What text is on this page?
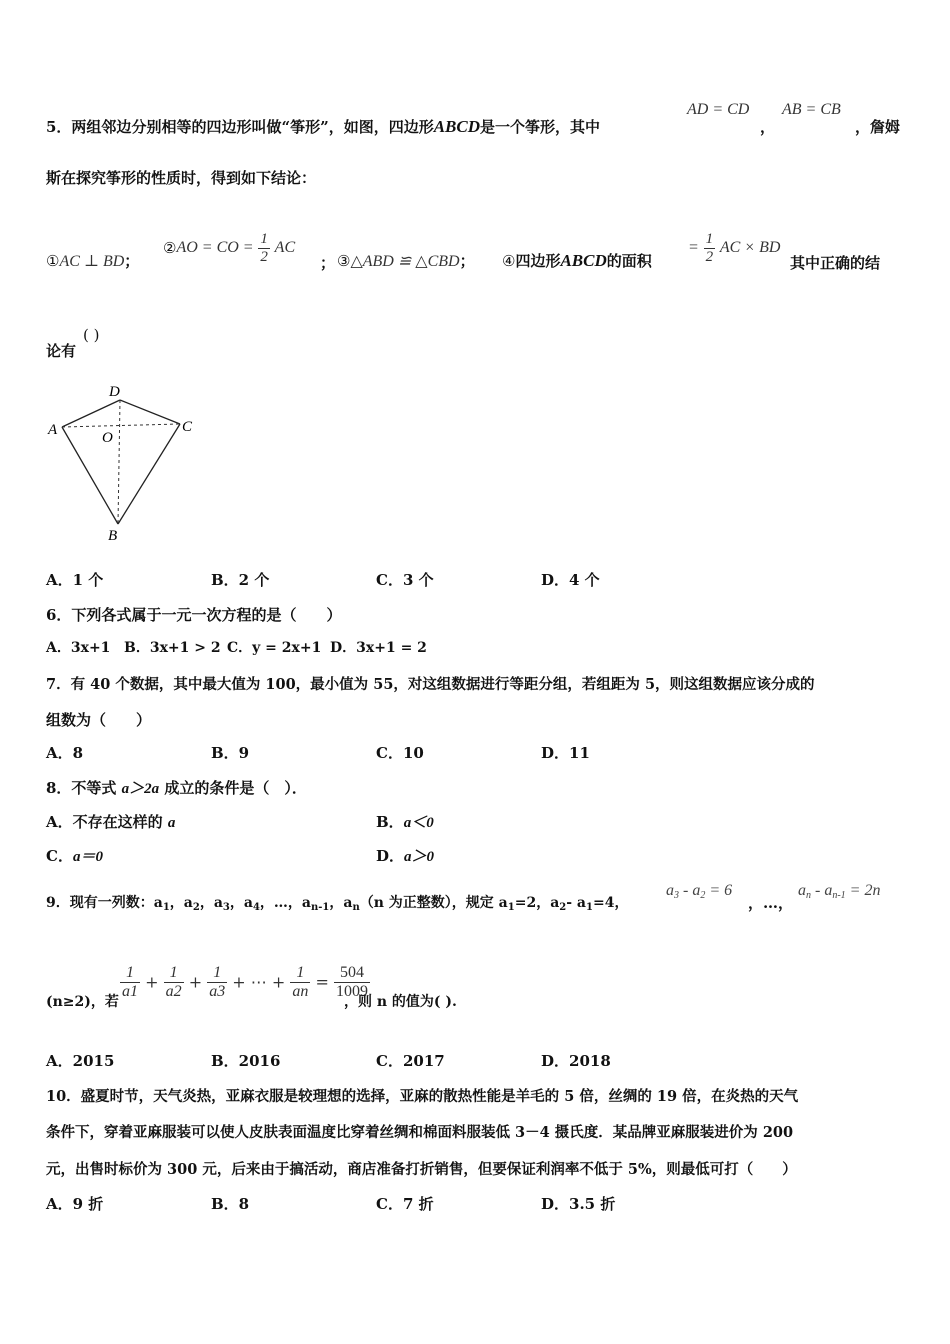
5．两组邻边分别相等的四边形叫做“筝形”，如图，四边形ABCD是一个筝形，其中
AD = CD
，
AB = CB
，詹姆
斯在探究筝形的性质时，得到如下结论：
①AC ⊥ BD；
②AO = CO = $\frac{1}{2}$ AC
； ③△ABD ≌ △CBD； ④四边形ABCD的面积
= $\frac{1}{2}$ AC × BD
其中正确的结
论有
( )
A
D
C
O
B
A．1 个	B．2 个	C．3 个	D．4 个
6．下列各式属于一元一次方程的是（　　）
A．3x+1 B．3x+1 > 2 C．y = 2x+1 D．3x+1 = 2
7．有 40 个数据，其中最大值为 100，最小值为 55，对这组数据进行等距分组，若组距为 5，则这组数据应该分成的
组数为（　　）
A．8	B．9	C．10	D．11
8．不等式 a＞2a 成立的条件是（　）．
A．不存在这样的 a	B．a＜0
C．a＝0	D．a＞0
9．现有一列数：$a_1$，$a_2$，$a_3$，$a_4$，…，$a_{n-1}$，$a_n(n$ 为正整数），规定 $a_1=2$，$a_2-$ $a_1=4$，
$a_3 - a_2 = 6$
，…，
$a_n - a_{n-1} = 2n$
(n≥2)，若
$\frac{1}{a1} + \frac{1}{a2} + \frac{1}{a3}$ + ⋯ + $\frac{1}{an} = \frac{504}{1009}$
，则 n 的值为( ).
A．2015	B．2016	C．2017	D．2018
10．盛夏时节，天气炎热，亚麻衣服是较理想的选择，亚麻的散热性能是羊毛的 5 倍，丝绸的 19 倍，在炎热的天气
条件下，穿着亚麻服装可以使人皮肤表面温度比穿着丝绸和棉面料服装低 3－4 摄氏度．某品牌亚麻服装进价为 200
元，出售时标价为 300 元，后来由于搞活动，商店准备打折销售，但要保证利润率不低于 5%，则最低可打（　　）
A．9 折	B．8	C．7 折	D．3.5 折
